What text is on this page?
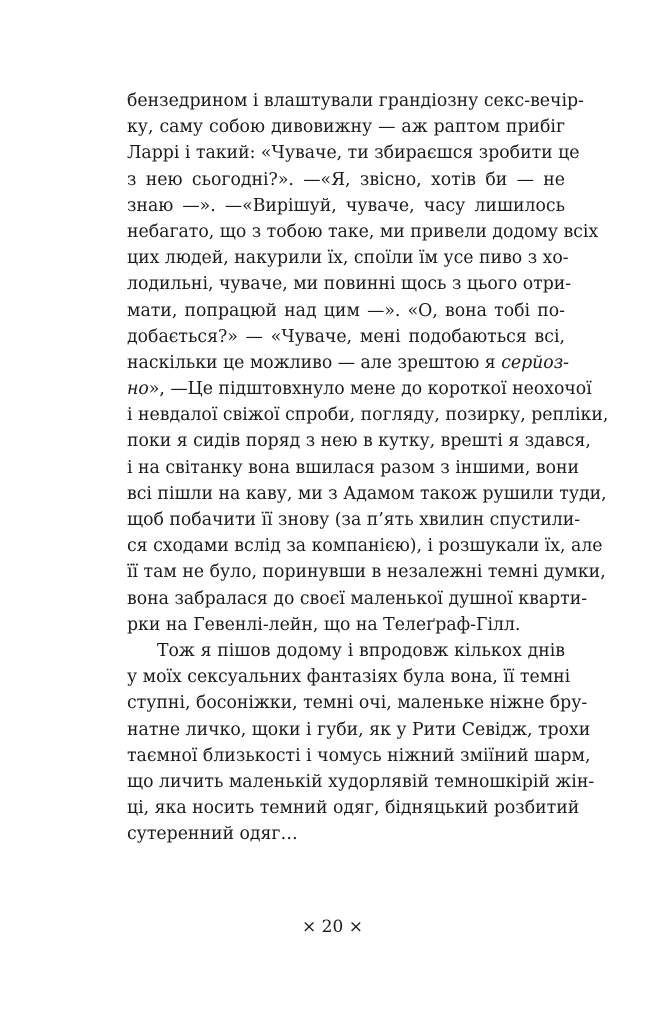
бензедрином і влаштували грандіозну секс-вечір-
ку, саму собою дивовижну — аж раптом прибіг
Ларрі і такий: «Чуваче, ти збираєшся зробити це
з нею сьогодні?». —«Я, звісно, хотів би — не
знаю —». —«Вирішуй, чуваче, часу лишилось
небагато, що з тобою таке, ми привели додому всіх
цих людей, накурили їх, споїли їм усе пиво з хо-
лодильні, чуваче, ми повинні щось з цього отри-
мати, попрацюй над цим —». «О, вона тобі по-
добається?» — «Чуваче, мені подобаються всі,
наскільки це можливо — але зрештою я серйоз-
но», —Це підштовхнуло мене до короткої неохочої
і невдалої свіжої спроби, погляду, позирку, репліки,
поки я сидів поряд з нею в кутку, врешті я здався,
і на світанку вона вшилася разом з іншими, вони
всі пішли на каву, ми з Адамом також рушили туди,
щоб побачити її знову (за п’ять хвилин спустили-
ся сходами вслід за компанією), і розшукали їх, але
її там не було, поринувши в незалежні темні думки,
вона забралася до своєї маленької душної кварти-
рки на Гевенлі-лейн, що на Телеґраф-Гілл.
Тож я пішов додому і впродовж кількох днів
у моїх сексуальних фантазіях була вона, її темні
ступні, босоніжки, темні очі, маленьке ніжне бру-
натне личко, щоки і губи, як у Рити Севідж, трохи
таємної близькості і чомусь ніжний зміїний шарм,
що личить маленькій худорлявій темношкірій жін-
ці, яка носить темний одяг, бідняцький розбитий
сутеренний одяг…
× 20 ×
